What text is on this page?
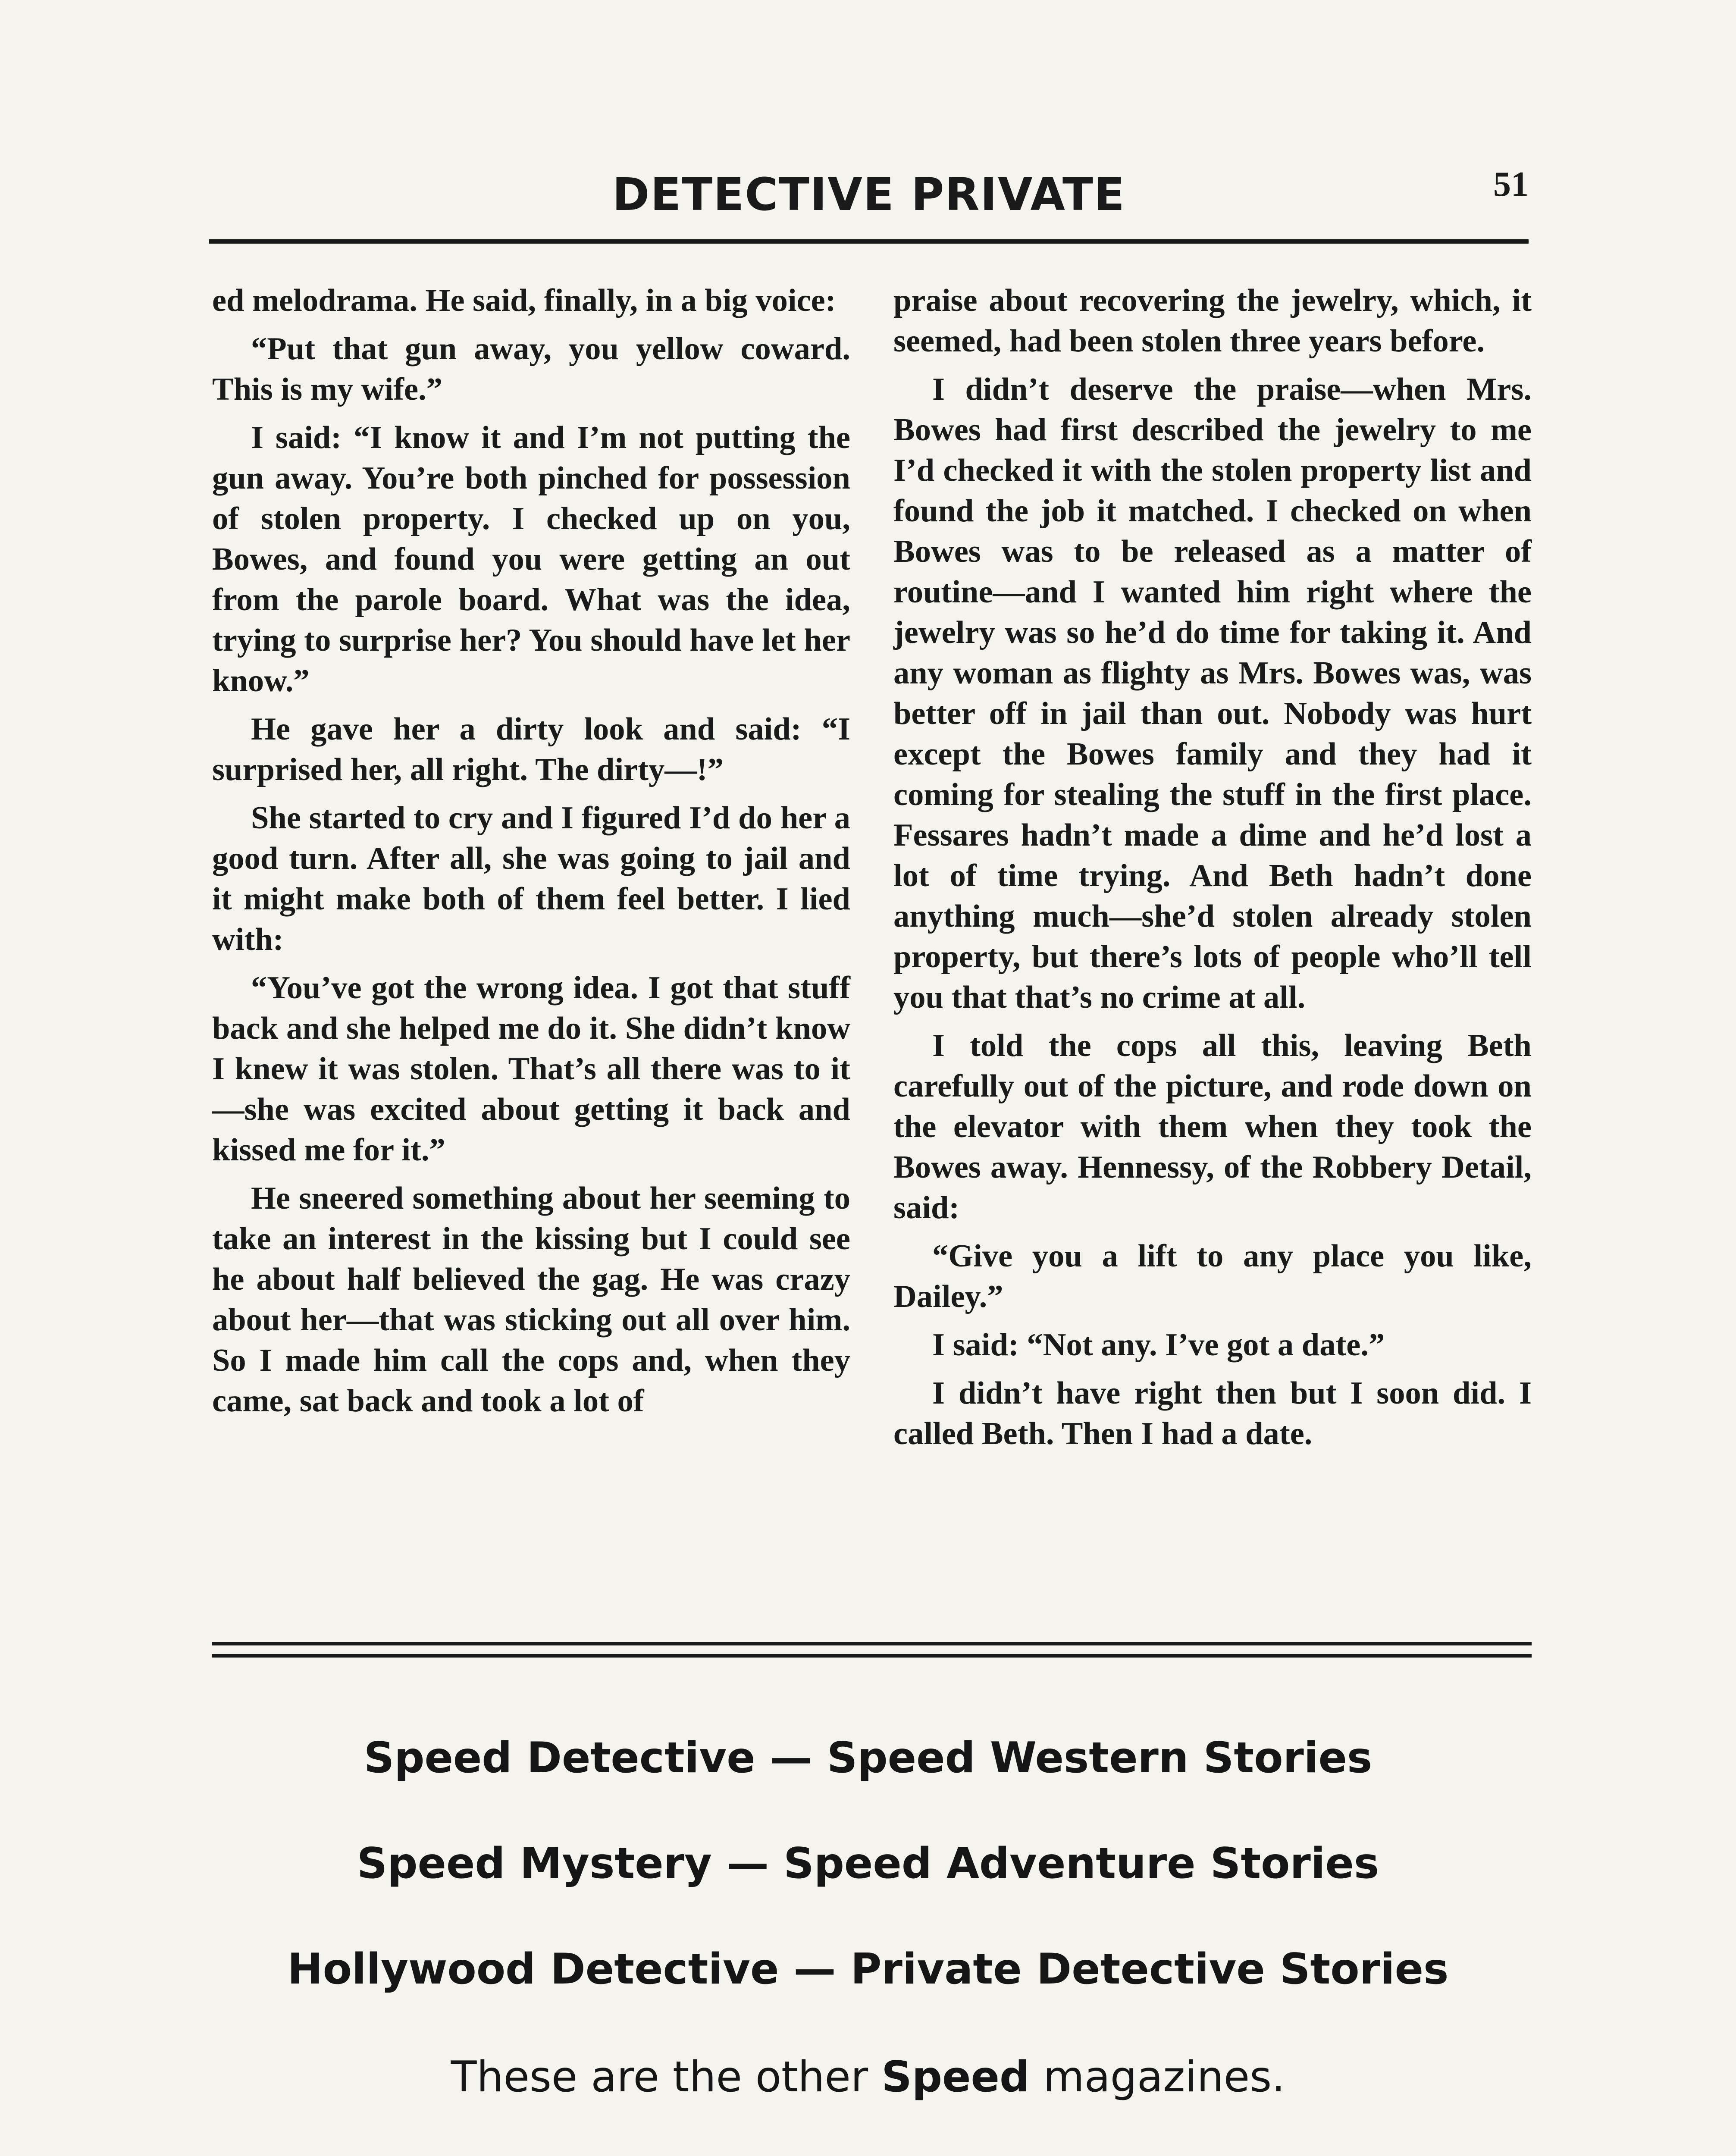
DETECTIVE PRIVATE	51

ed melodrama. He said, finally, in a big voice:

“Put that gun away, you yellow coward. This is my wife.”

I said: “I know it and I’m not putting the gun away. You’re both pinched for possession of stolen property. I checked up on you, Bowes, and found you were getting an out from the parole board. What was the idea, trying to surprise her? You should have let her know.”

He gave her a dirty look and said: “I surprised her, all right. The dirty—!”

She started to cry and I figured I’d do her a good turn. After all, she was going to jail and it might make both of them feel better. I lied with:

“You’ve got the wrong idea. I got that stuff back and she helped me do it. She didn’t know I knew it was stolen. That’s all there was to it—she was excited about getting it back and kissed me for it.”

He sneered something about her seeming to take an interest in the kissing but I could see he about half believed the gag. He was crazy about her—that was sticking out all over him. So I made him call the cops and, when they came, sat back and took a lot of

praise about recovering the jewelry, which, it seemed, had been stolen three years before.

I didn’t deserve the praise—when Mrs. Bowes had first described the jewelry to me I’d checked it with the stolen property list and found the job it matched. I checked on when Bowes was to be released as a matter of routine—and I wanted him right where the jewelry was so he’d do time for taking it. And any woman as flighty as Mrs. Bowes was, was better off in jail than out. Nobody was hurt except the Bowes family and they had it coming for stealing the stuff in the first place. Fessares hadn’t made a dime and he’d lost a lot of time trying. And Beth hadn’t done anything much—she’d stolen already stolen property, but there’s lots of people who’ll tell you that that’s no crime at all.

I told the cops all this, leaving Beth carefully out of the picture, and rode down on the elevator with them when they took the Bowes away. Hennessy, of the Robbery Detail, said:

“Give you a lift to any place you like, Dailey.”

I said: “Not any. I’ve got a date.”

I didn’t have right then but I soon did. I called Beth. Then I had a date.

Speed Detective — Speed Western Stories
Speed Mystery — Speed Adventure Stories
Hollywood Detective — Private Detective Stories
These are the other Speed magazines.
